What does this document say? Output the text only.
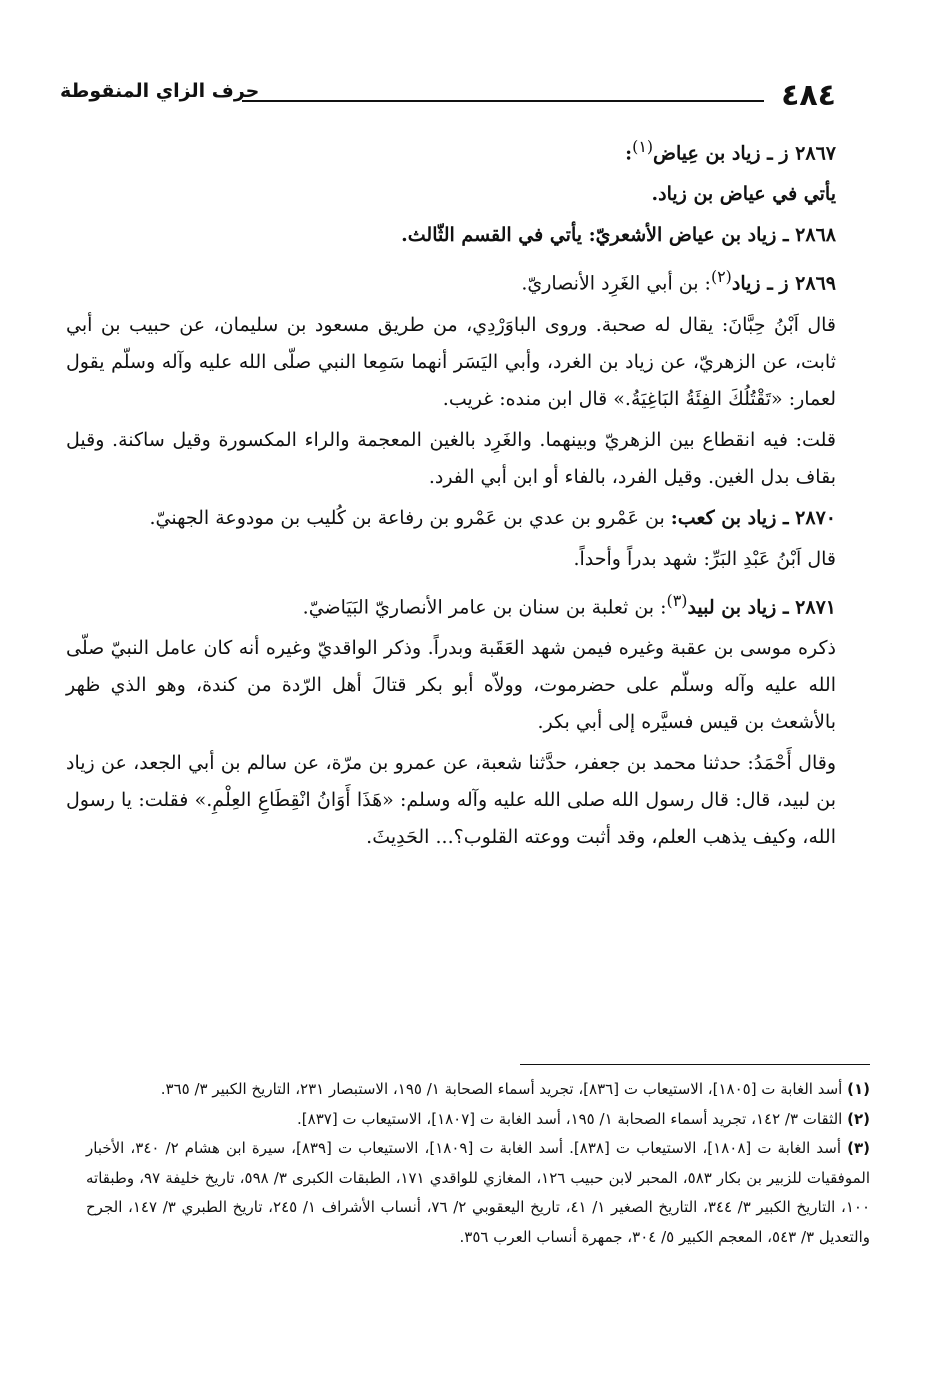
٤٨٤
حرف الزاي المنقوطة

٢٨٦٧ ز ـ زياد بن عِياض$^{(١)}$:

يأتي في عياض بن زياد.

٢٨٦٨ ـ زياد بن عياض الأشعريّ: يأتي في القسم الثّالث.

٢٨٦٩ ز ـ زياد$^{(٢)}$: بن أبي الغَرِد الأنصاريّ.

قال اَبْنُ حِبَّانَ: يقال له صحبة. وروى الباوَرْدِي، من طريق مسعود بن سليمان، عن حبيب بن أبي ثابت، عن الزهريّ، عن زياد بن الغرد، وأبي اليَسَر أنهما سَمِعا النبي صلّى الله عليه وآله وسلّم يقول لعمار: «تَقْتُلُكَ الفِئَةُ البَاغِيَةُ.» قال ابن منده: غريب.

قلت: فيه انقطاع بين الزهريّ وبينهما. والغَرِد بالغين المعجمة والراء المكسورة وقيل ساكنة. وقيل بقاف بدل الغين. وقيل الفرد، بالفاء أو ابن أبي الفرد.

٢٨٧٠ ـ زياد بن كعب: بن عَمْرو بن عدي بن عَمْرو بن رفاعة بن كُليب بن مودوعة الجهنيّ.

قال اَبْنُ عَبْدِ البَرِّ: شهد بدراً وأحداً.

٢٨٧١ ـ زياد بن لبيد$^{(٣)}$: بن ثعلبة بن سنان بن عامر الأنصاريّ البَيَاضيّ.

ذكره موسى بن عقبة وغيره فيمن شهد العَقَبة وبدراً. وذكر الواقديّ وغيره أنه كان عامل النبيّ صلّى الله عليه وآله وسلّم على حضرموت، وولاّه أبو بكر قتالَ أهل الرّدة من كندة، وهو الذي ظهر بالأشعث بن قيس فسيَّره إلى أبي بكر.

وقال أَحْمَدُ: حدثنا محمد بن جعفر، حدَّثنا شعبة، عن عمرو بن مرّة، عن سالم بن أبي الجعد، عن زياد بن لبيد، قال: قال رسول الله صلى الله عليه وآله وسلم: «هَذَا أَوَانُ انْقِطَاعِ العِلْمِ.» فقلت: يا رسول الله، وكيف يذهب العلم، وقد أثبت ووعته القلوب؟... الحَدِيثَ.

(١) أسد الغابة ت [١٨٠٥]، الاستيعاب ت [٨٣٦]، تجريد أسماء الصحابة ١/ ١٩٥، الاستبصار ٢٣١، التاريخ الكبير ٣/ ٣٦٥.

(٢) الثقات ٣/ ١٤٢، تجريد أسماء الصحابة ١/ ١٩٥، أسد الغابة ت [١٨٠٧]، الاستيعاب ت [٨٣٧].

(٣) أسد الغابة ت [١٨٠٨]، الاستيعاب ت [٨٣٨]. أسد الغابة ت [١٨٠٩]، الاستيعاب ت [٨٣٩]، سيرة ابن هشام ٢/ ٣٤٠، الأخبار الموفقيات للزبير بن بكار ٥٨٣، المحبر لابن حبيب ١٢٦، المغازي للواقدي ١٧١، الطبقات الكبرى ٣/ ٥٩٨، تاريخ خليفة ٩٧، وطبقاته ١٠٠، التاريخ الكبير ٣/ ٣٤٤، التاريخ الصغير ١/ ٤١، تاريخ اليعقوبي ٢/ ٧٦، أنساب الأشراف ١/ ٢٤٥، تاريخ الطبري ٣/ ١٤٧، الجرح والتعديل ٣/ ٥٤٣، المعجم الكبير ٥/ ٣٠٤، جمهرة أنساب العرب ٣٥٦.
